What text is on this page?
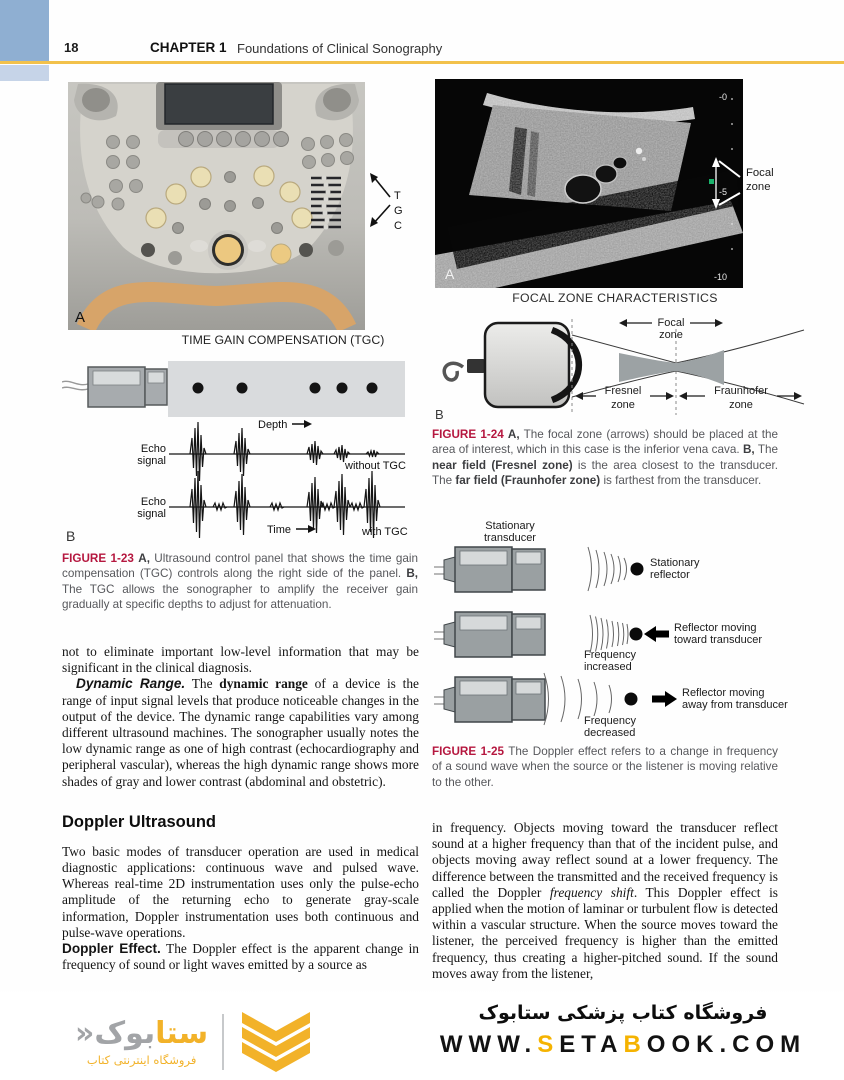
18	CHAPTER 1 Foundations of Clinical Sonography
A
T
G
C
TIME GAIN COMPENSATION (TGC)
Depth
Echo
signal	without TGC
Echo
signal
Time	with TGC
B
FIGURE 1-23 A, Ultrasound control panel that shows the time gain compensation (TGC) controls along the right side of the panel. B, The TGC allows the sonographer to amplify the receiver gain gradually at specific depths to adjust for attenuation.

not to eliminate important low-level information that may be significant in the clinical diagnosis.

Dynamic Range. The dynamic range of a device is the range of input signal levels that produce noticeable changes in the output of the device. The dynamic range capabilities vary among different ultrasound machines. The sonographer usually notes the low dynamic range as one of high contrast (echocardiography and peripheral vascular), whereas the high dynamic range shows more shades of gray and lower contrast (abdominal and obstetric).

Doppler Ultrasound

Two basic modes of transducer operation are used in medical diagnostic applications: continuous wave and pulsed wave. Whereas real-time 2D instrumentation uses only the pulse-echo amplitude of the returning echo to generate gray-scale information, Doppler instrumentation uses both continuous and pulse-wave operations.

Doppler Effect. The Doppler effect is the apparent change in frequency of sound or light waves emitted by a source as

-0
-5
-10
A
Focal
zone
FOCAL ZONE CHARACTERISTICS
Focal
zone
Fresnel
zone
Fraunhofer
zone
B
FIGURE 1-24 A, The focal zone (arrows) should be placed at the area of interest, which in this case is the inferior vena cava. B, The near field (Fresnel zone) is the area closest to the transducer. The far field (Fraunhofer zone) is farthest from the transducer.
Stationary
transducer
Stationary
reflector
Reflector moving
toward transducer
Frequency
increased
Reflector moving
away from transducer
Frequency
decreased
FIGURE 1-25 The Doppler effect refers to a change in frequency of a sound wave when the source or the listener is moving relative to the other.

in frequency. Objects moving toward the transducer reflect sound at a higher frequency than that of the incident pulse, and objects moving away reflect sound at a lower frequency. The difference between the transmitted and the received frequency is called the Doppler frequency shift. This Doppler effect is applied when the motion of laminar or turbulent flow is detected within a vascular structure. When the source moves toward the listener, the perceived frequency is higher than the emitted frequency, thus creating a higher-pitched sound. If the sound moves away from the listener,

ستابوک«
فروشگاه اینترنتی کتاب
فروشگاه کتاب پزشکی ستابوک
WWW.SETABOOK.COM
